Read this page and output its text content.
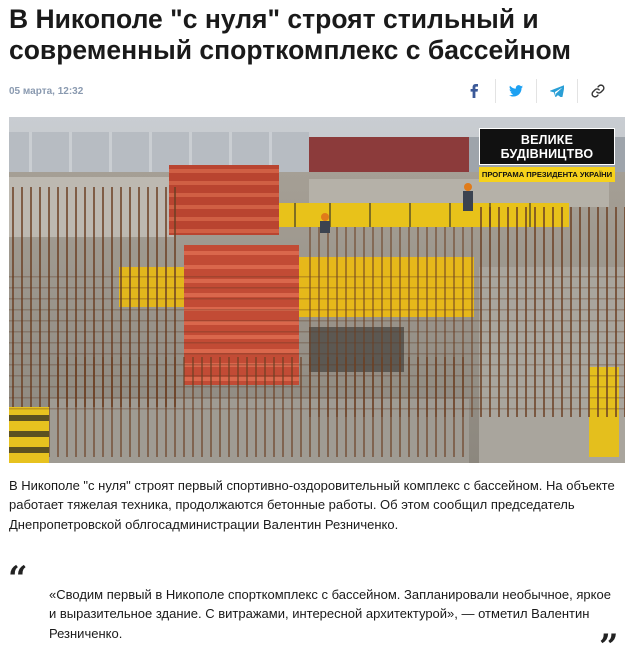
В Никополе "с нуля" строят стильный и современный спорткомплекс с бассейном
05 марта, 12:32
ВЕЛИКЕ БУДІВНИЦТВО
ПРОГРАМА ПРЕЗИДЕНТА УКРАЇНИ

В Никополе "с нуля" строят первый спортивно-оздоровительный комплекс с бассейном. На объекте работает тяжелая техника, продолжаются бетонные работы. Об этом сообщил председатель Днепропетровской облгосадминистрации Валентин Резниченко.

“ «Сводим первый в Никополе спорткомплекс с бассейном. Запланировали необычное, яркое и выразительное здание. С витражами, интересной архитектурой», — отметил Валентин Резниченко.	”
